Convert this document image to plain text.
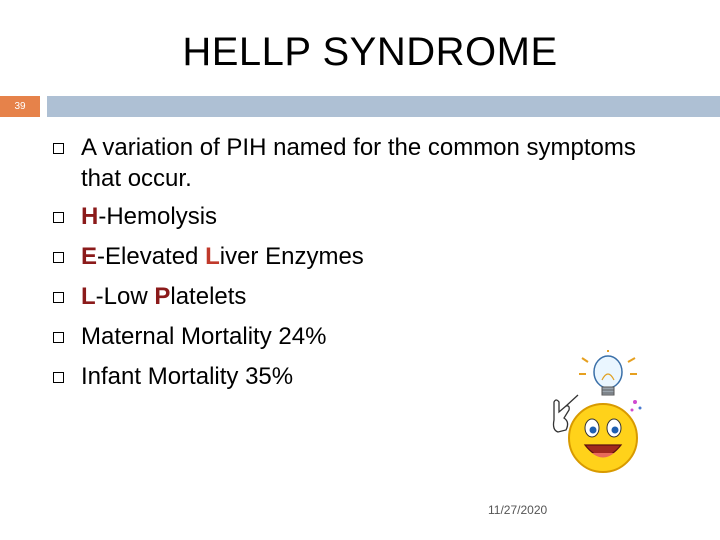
HELLP SYNDROME
39
A variation of PIH named for the common symptoms that occur.
H-Hemolysis
E-Elevated Liver Enzymes
L-Low Platelets
Maternal Mortality 24%
Infant Mortality 35%
11/27/2020
